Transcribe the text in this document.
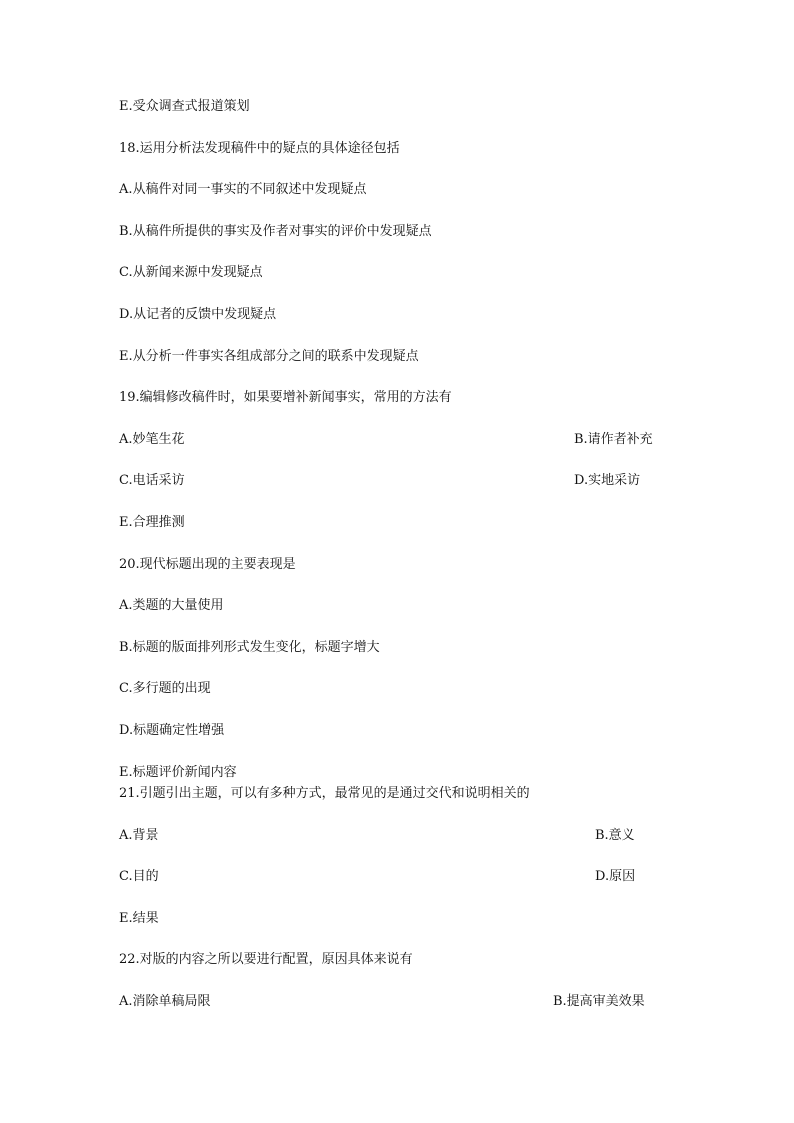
E.受众调查式报道策划
18.运用分析法发现稿件中的疑点的具体途径包括
A.从稿件对同一事实的不同叙述中发现疑点
B.从稿件所提供的事实及作者对事实的评价中发现疑点
C.从新闻来源中发现疑点
D.从记者的反馈中发现疑点
E.从分析一件事实各组成部分之间的联系中发现疑点
19.编辑修改稿件时，如果要增补新闻事实，常用的方法有
A.妙笔生花	B.请作者补充
C.电话采访	D.实地采访
E.合理推测
20.现代标题出现的主要表现是
A.类题的大量使用
B.标题的版面排列形式发生变化，标题字增大
C.多行题的出现
D.标题确定性增强
E.标题评价新闻内容
21.引题引出主题，可以有多种方式，最常见的是通过交代和说明相关的
A.背景	B.意义
C.目的	D.原因
E.结果
22.对版的内容之所以要进行配置，原因具体来说有
A.消除单稿局限	B.提高审美效果
